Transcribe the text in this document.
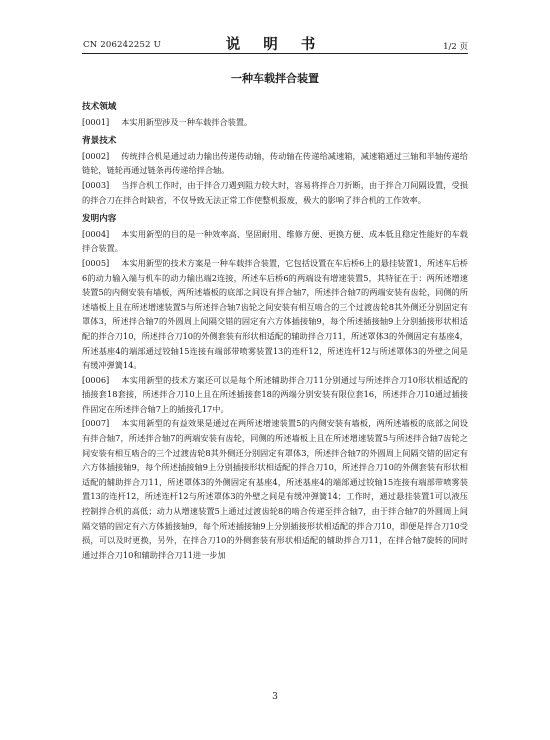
CN 206242252 U	说 明 书	1/2 页
一种车载拌合装置
技术领域

[0001] 本实用新型涉及一种车载拌合装置。

背景技术

[0002] 传统拌合机是通过动力输出传递传动轴，传动轴在传递给减速箱，减速箱通过三轴和半轴传递给链轮，链轮再通过链条再传递给拌合轴。

[0003] 当拌合机工作时，由于拌合刀遇到阻力较大时，容易将拌合刀折断，由于拌合刀间隔设置，受损的拌合刀在拌合时缺省，不仅导致无法正常工作使整机报废，极大的影响了拌合机的工作效率。

发明内容

[0004] 本实用新型的目的是一种效率高、坚固耐用、维修方便、更换方便、成本低且稳定性能好的车载拌合装置。

[0005] 本实用新型的技术方案是一种车载拌合装置，它包括设置在车后桥6上的悬挂装置1，所述车后桥6的动力输入端与机车的动力输出端2连接，所述车后桥6的两端设有增速装置5，其特征在于：两所述增速装置5的内侧安装有墙板，两所述墙板的底部之间设有拌合轴7，所述拌合轴7的两端安装有齿轮，同侧的所述墙板上且在所述增速装置5与所述拌合轴7齿轮之间安装有相互啮合的三个过渡齿轮8其外侧还分别固定有罩体3，所述拌合轴7的外圆周上间隔交错的固定有六方体插接轴9，每个所述插接轴9上分别插接形状相适配的拌合刀10，所述拌合刀10的外侧套装有形状相适配的辅助拌合刀11，所述罩体3的外侧固定有基座4，所述基座4的端部通过铰轴15连接有端部带喷雾装置13的连杆12，所述连杆12与所述罩体3的外壁之间是有缓冲弹簧14。

[0006] 本实用新型的技术方案还可以是每个所述辅助拌合刀11分别通过与所述拌合刀10形状相适配的插接套18套接，所述拌合刀10上且在所述插接套18的两端分别安装有限位套16，所述拌合刀10通过插接件固定在所述拌合轴7上的插接孔17中。

[0007] 本实用新型的有益效果是通过在两所述增速装置5的内侧安装有墙板，两所述墙板的底部之间设有拌合轴7，所述拌合轴7的两端安装有齿轮，同侧的所述墙板上且在所述增速装置5与所述拌合轴7齿轮之间安装有相互啮合的三个过渡齿轮8其外侧还分别固定有罩体3，所述拌合轴7的外圆周上间隔交错的固定有六方体插接轴9，每个所述插接轴9上分别插接形状相适配的拌合刀10，所述拌合刀10的外侧套装有形状相适配的辅助拌合刀11，所述罩体3的外侧固定有基座4，所述基座4的端部通过铰轴15连接有端部带喷雾装置13的连杆12，所述连杆12与所述罩体3的外壁之间是有缓冲弹簧14；工作时，通过悬挂装置1可以液压控制拌合机的高低；动力从增速装置5上通过过渡齿轮8的啮合传递至拌合轴7，由于拌合轴7的外圆周上间隔交错的固定有六方体插接轴9，每个所述插接轴9上分别插接形状相适配的拌合刀10，即便是拌合刀10受损，可以及时更换，另外，在拌合刀10的外侧套装有形状相适配的辅助拌合刀11，在拌合轴7旋转的同时通过拌合刀10和辅助拌合刀11进一步加

3
